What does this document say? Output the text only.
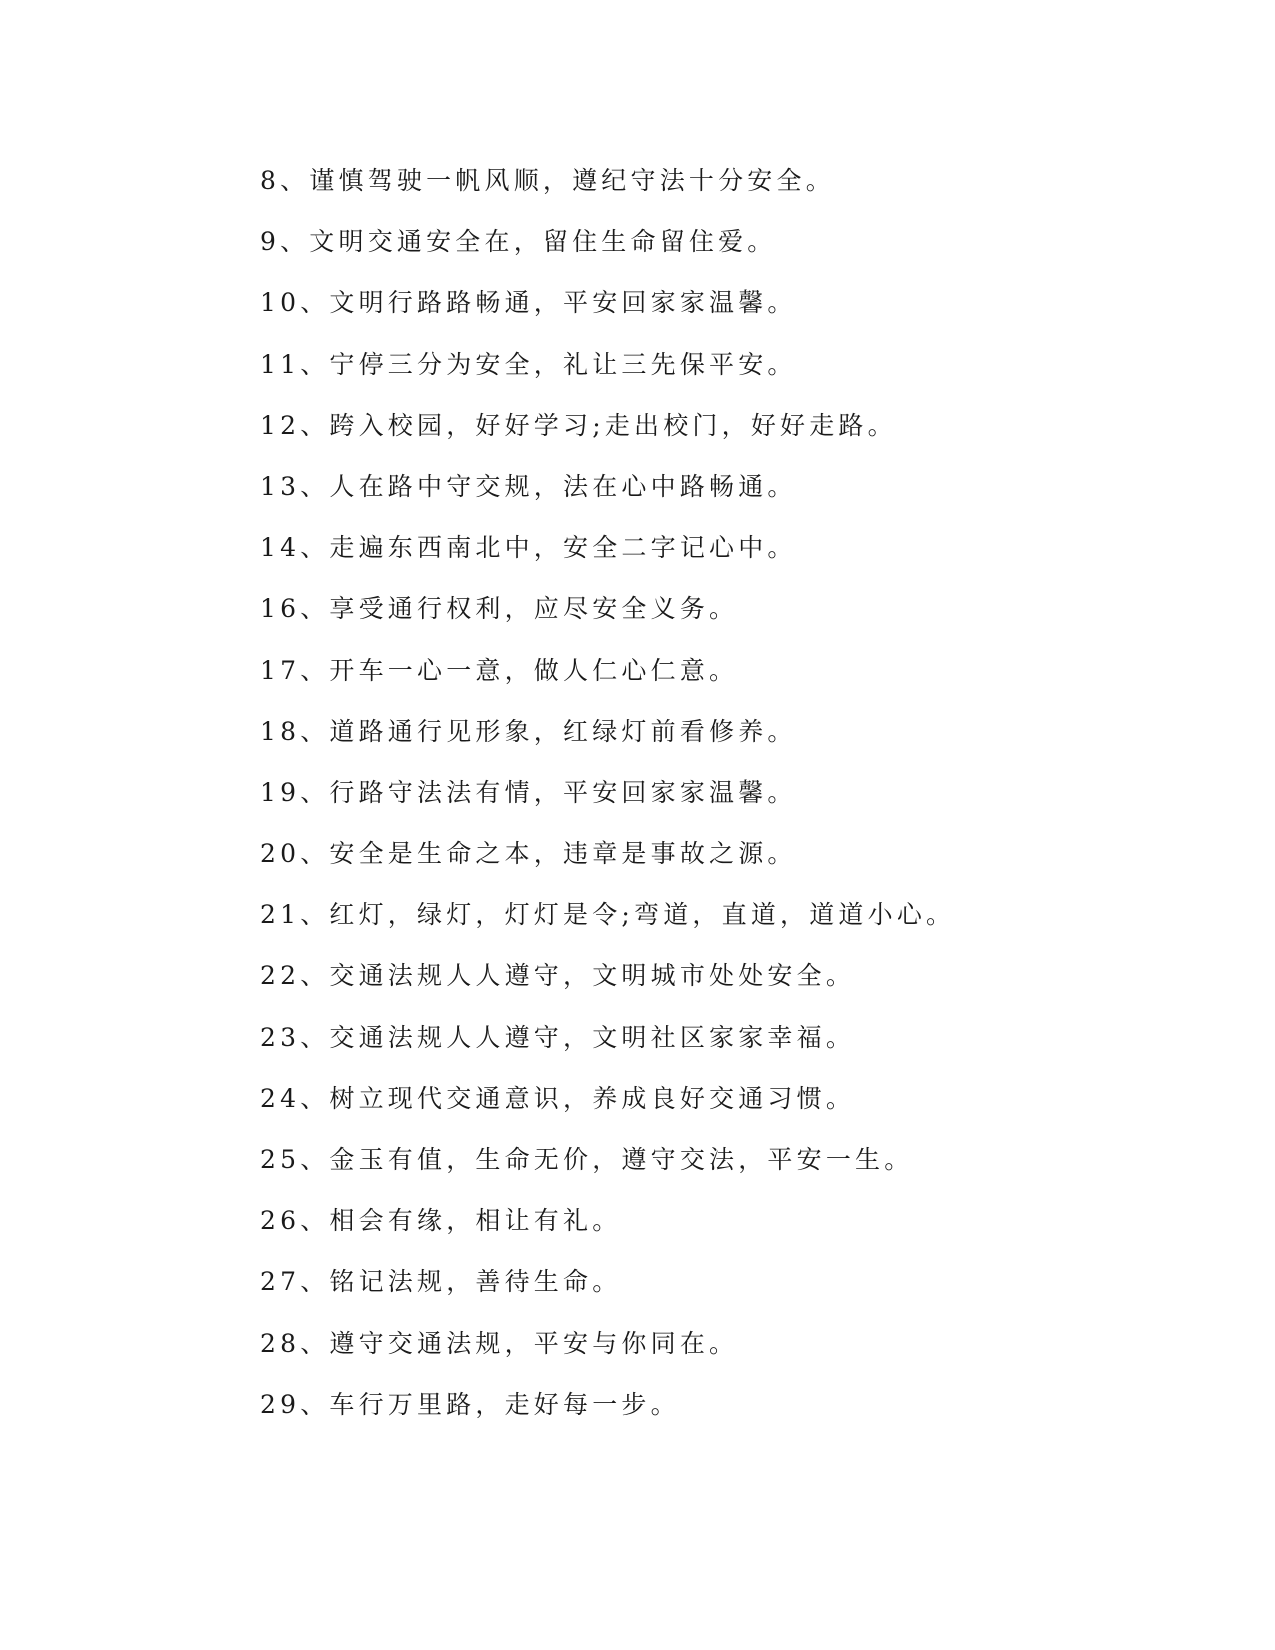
8、谨慎驾驶一帆风顺，遵纪守法十分安全。
9、文明交通安全在，留住生命留住爱。
10、文明行路路畅通，平安回家家温馨。
11、宁停三分为安全，礼让三先保平安。
12、跨入校园，好好学习;走出校门，好好走路。
13、人在路中守交规，法在心中路畅通。
14、走遍东西南北中，安全二字记心中。
16、享受通行权利，应尽安全义务。
17、开车一心一意，做人仁心仁意。
18、道路通行见形象，红绿灯前看修养。
19、行路守法法有情，平安回家家温馨。
20、安全是生命之本，违章是事故之源。
21、红灯，绿灯，灯灯是令;弯道，直道，道道小心。
22、交通法规人人遵守，文明城市处处安全。
23、交通法规人人遵守，文明社区家家幸福。
24、树立现代交通意识，养成良好交通习惯。
25、金玉有值，生命无价，遵守交法，平安一生。
26、相会有缘，相让有礼。
27、铭记法规，善待生命。
28、遵守交通法规，平安与你同在。
29、车行万里路，走好每一步。
